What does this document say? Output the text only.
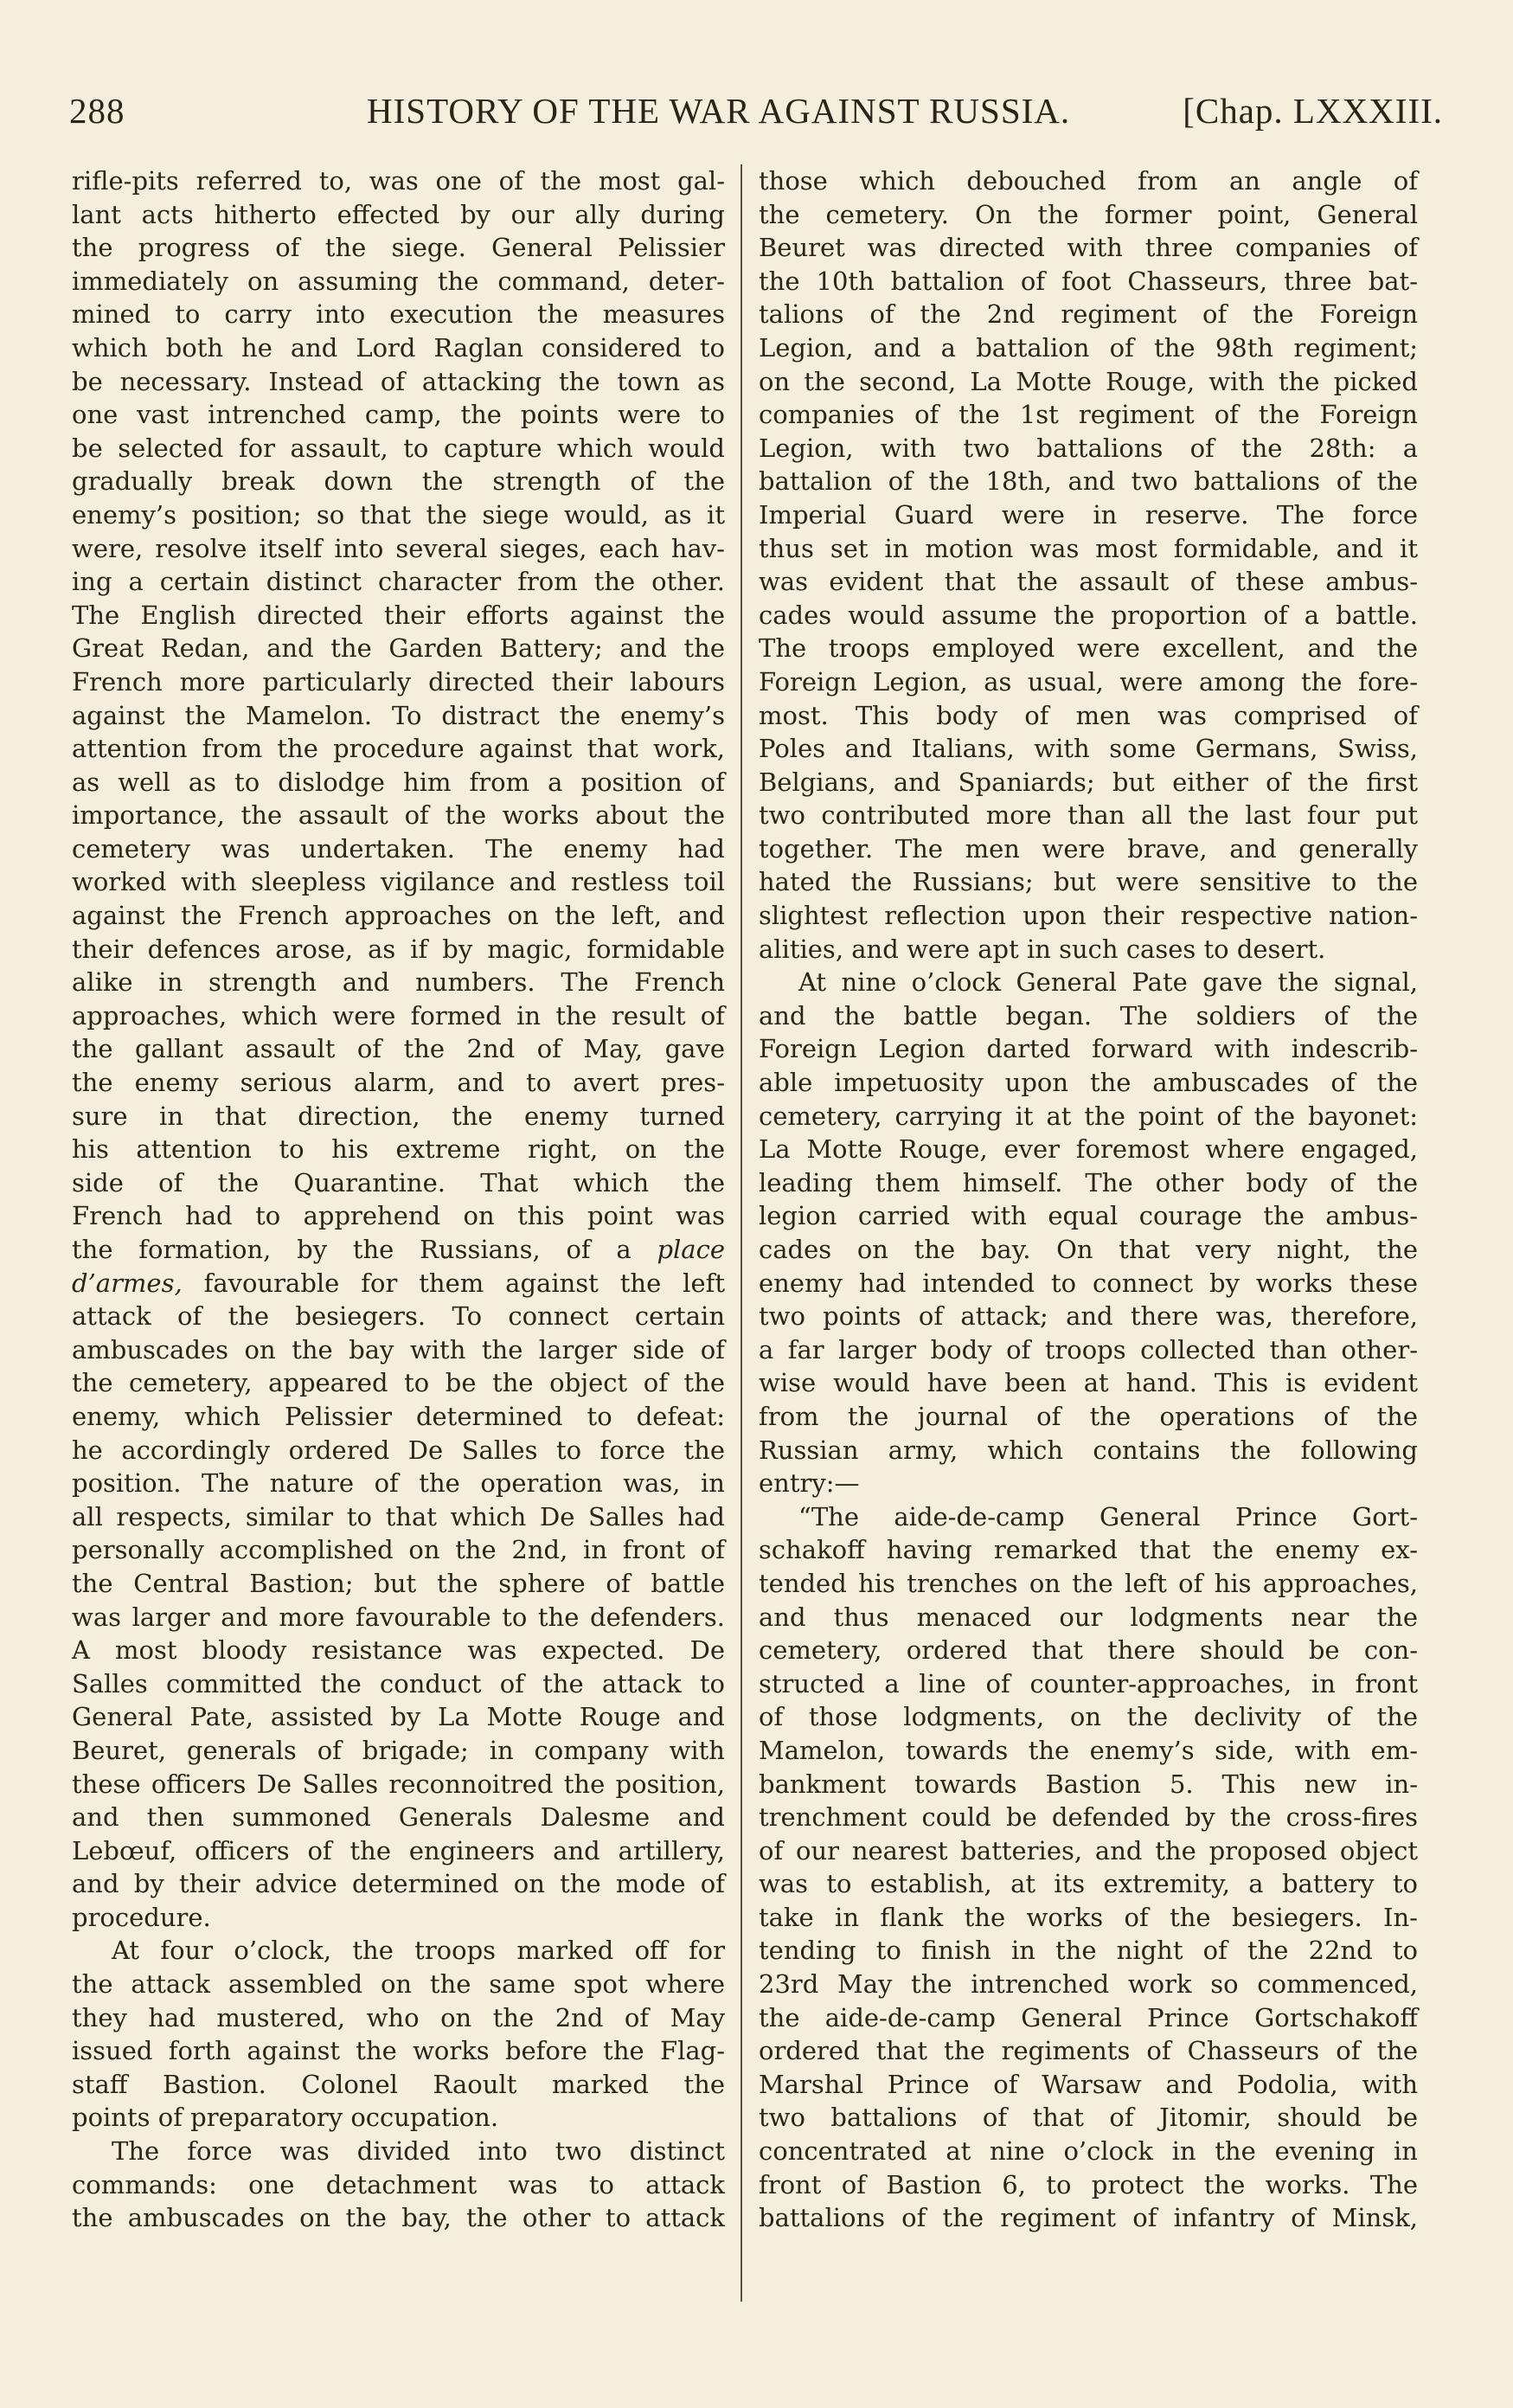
288	HISTORY OF THE WAR AGAINST RUSSIA.	[Chap. LXXXIII.
rifle-pits referred to, was one of the most gal-
lant acts hitherto effected by our ally during
the progress of the siege. General Pelissier
immediately on assuming the command, deter-
mined to carry into execution the measures
which both he and Lord Raglan considered to
be necessary. Instead of attacking the town as
one vast intrenched camp, the points were to
be selected for assault, to capture which would
gradually break down the strength of the
enemy’s position; so that the siege would, as it
were, resolve itself into several sieges, each hav-
ing a certain distinct character from the other.
The English directed their efforts against the
Great Redan, and the Garden Battery; and the
French more particularly directed their labours
against the Mamelon. To distract the enemy’s
attention from the procedure against that work,
as well as to dislodge him from a position of
importance, the assault of the works about the
cemetery was undertaken. The enemy had
worked with sleepless vigilance and restless toil
against the French approaches on the left, and
their defences arose, as if by magic, formidable
alike in strength and numbers. The French
approaches, which were formed in the result of
the gallant assault of the 2nd of May, gave
the enemy serious alarm, and to avert pres-
sure in that direction, the enemy turned
his attention to his extreme right, on the
side of the Quarantine. That which the
French had to apprehend on this point was
the formation, by the Russians, of a place
d’armes, favourable for them against the left
attack of the besiegers. To connect certain
ambuscades on the bay with the larger side of
the cemetery, appeared to be the object of the
enemy, which Pelissier determined to defeat:
he accordingly ordered De Salles to force the
position. The nature of the operation was, in
all respects, similar to that which De Salles had
personally accomplished on the 2nd, in front of
the Central Bastion; but the sphere of battle
was larger and more favourable to the defenders.
A most bloody resistance was expected. De
Salles committed the conduct of the attack to
General Pate, assisted by La Motte Rouge and
Beuret, generals of brigade; in company with
these officers De Salles reconnoitred the position,
and then summoned Generals Dalesme and
Lebœuf, officers of the engineers and artillery,
and by their advice determined on the mode of
procedure.
At four o’clock, the troops marked off for
the attack assembled on the same spot where
they had mustered, who on the 2nd of May
issued forth against the works before the Flag-
staff Bastion. Colonel Raoult marked the
points of preparatory occupation.
The force was divided into two distinct
commands: one detachment was to attack
the ambuscades on the bay, the other to attack
those which debouched from an angle of
the cemetery. On the former point, General
Beuret was directed with three companies of
the 10th battalion of foot Chasseurs, three bat-
talions of the 2nd regiment of the Foreign
Legion, and a battalion of the 98th regiment;
on the second, La Motte Rouge, with the picked
companies of the 1st regiment of the Foreign
Legion, with two battalions of the 28th: a
battalion of the 18th, and two battalions of the
Imperial Guard were in reserve. The force
thus set in motion was most formidable, and it
was evident that the assault of these ambus-
cades would assume the proportion of a battle.
The troops employed were excellent, and the
Foreign Legion, as usual, were among the fore-
most. This body of men was comprised of
Poles and Italians, with some Germans, Swiss,
Belgians, and Spaniards; but either of the first
two contributed more than all the last four put
together. The men were brave, and generally
hated the Russians; but were sensitive to the
slightest reflection upon their respective nation-
alities, and were apt in such cases to desert.
At nine o’clock General Pate gave the signal,
and the battle began. The soldiers of the
Foreign Legion darted forward with indescrib-
able impetuosity upon the ambuscades of the
cemetery, carrying it at the point of the bayonet:
La Motte Rouge, ever foremost where engaged,
leading them himself. The other body of the
legion carried with equal courage the ambus-
cades on the bay. On that very night, the
enemy had intended to connect by works these
two points of attack; and there was, therefore,
a far larger body of troops collected than other-
wise would have been at hand. This is evident
from the journal of the operations of the
Russian army, which contains the following
entry:—
“The aide-de-camp General Prince Gort-
schakoff having remarked that the enemy ex-
tended his trenches on the left of his approaches,
and thus menaced our lodgments near the
cemetery, ordered that there should be con-
structed a line of counter-approaches, in front
of those lodgments, on the declivity of the
Mamelon, towards the enemy’s side, with em-
bankment towards Bastion 5. This new in-
trenchment could be defended by the cross-fires
of our nearest batteries, and the proposed object
was to establish, at its extremity, a battery to
take in flank the works of the besiegers. In-
tending to finish in the night of the 22nd to
23rd May the intrenched work so commenced,
the aide-de-camp General Prince Gortschakoff
ordered that the regiments of Chasseurs of the
Marshal Prince of Warsaw and Podolia, with
two battalions of that of Jitomir, should be
concentrated at nine o’clock in the evening in
front of Bastion 6, to protect the works. The
battalions of the regiment of infantry of Minsk,
